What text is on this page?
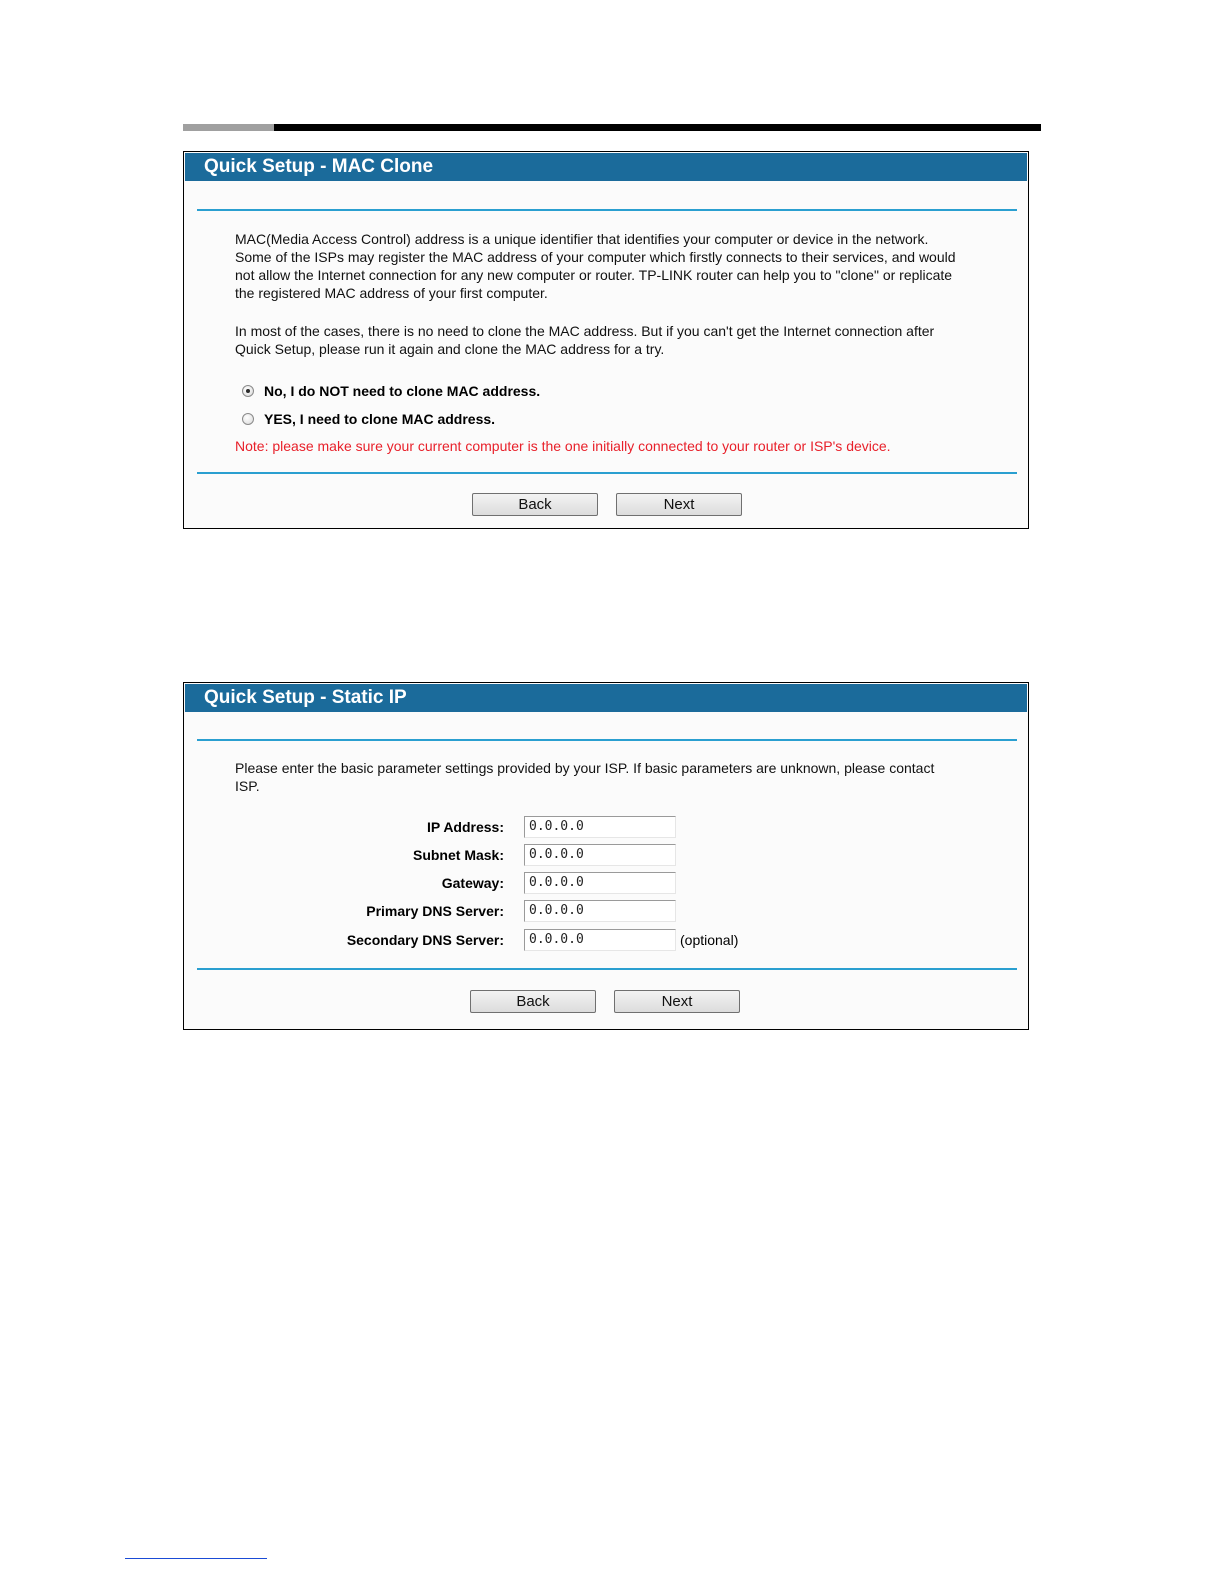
Quick Setup - MAC Clone
MAC(Media Access Control) address is a unique identifier that identifies your computer or device in the network.
Some of the ISPs may register the MAC address of your computer which firstly connects to their services, and would
not allow the Internet connection for any new computer or router. TP-LINK router can help you to "clone" or replicate
the registered MAC address of your first computer.
In most of the cases, there is no need to clone the MAC address. But if you can't get the Internet connection after
Quick Setup, please run it again and clone the MAC address for a try.
No, I do NOT need to clone MAC address.
YES, I need to clone MAC address.
Note: please make sure your current computer is the one initially connected to your router or ISP's device.
Back	Next
Quick Setup - Static IP
Please enter the basic parameter settings provided by your ISP. If basic parameters are unknown, please contact
ISP.
IP Address:	0.0.0.0
Subnet Mask:	0.0.0.0
Gateway:	0.0.0.0
Primary DNS Server:	0.0.0.0
Secondary DNS Server:	0.0.0.0	(optional)
Back	Next
